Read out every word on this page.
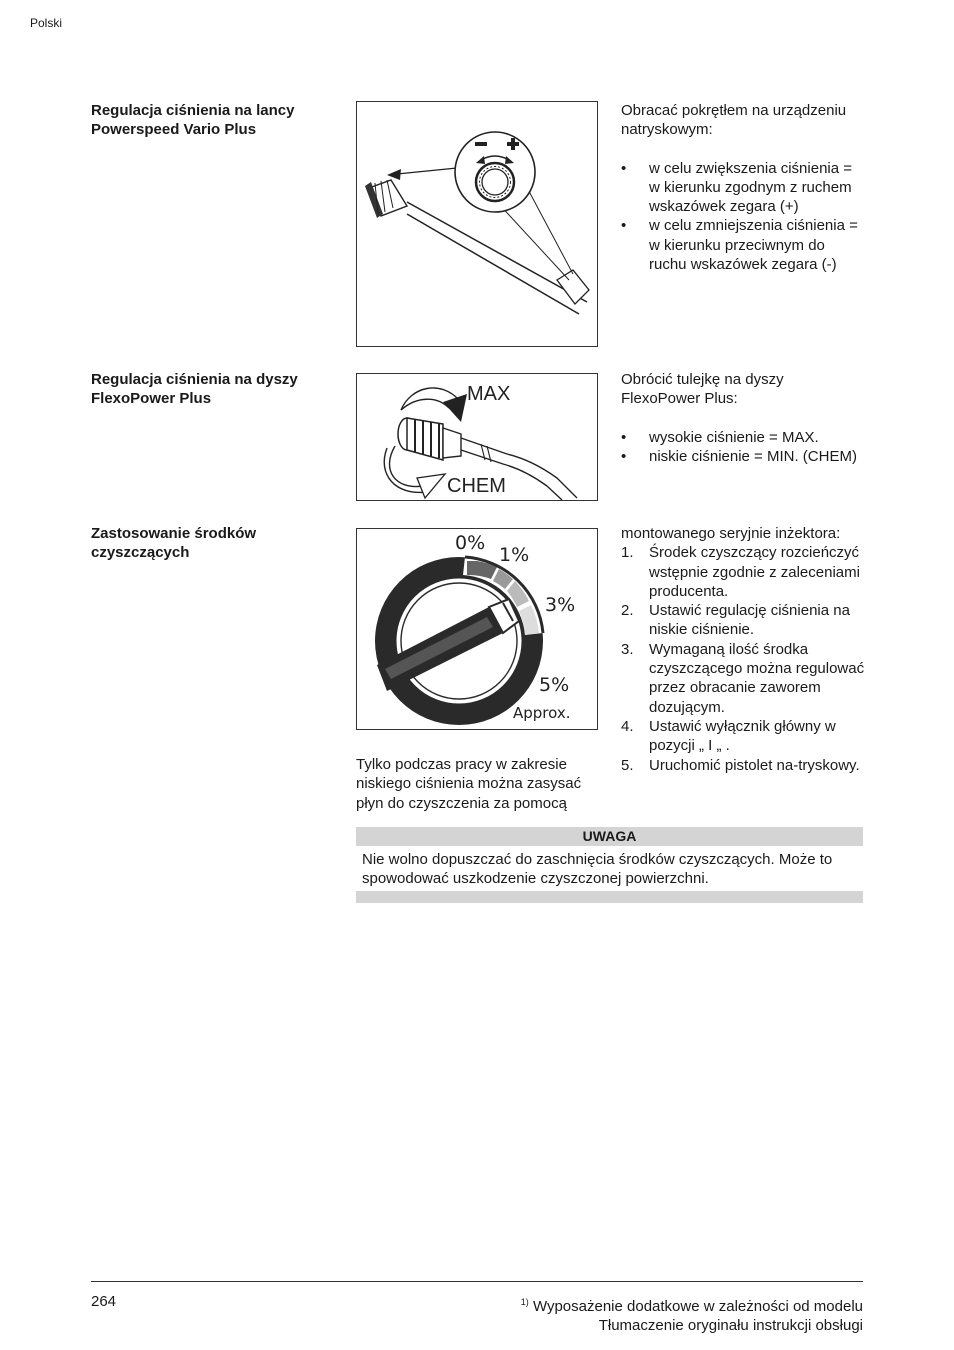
Polski
Regulacja ciśnienia na lancy Powerspeed Vario Plus

Obracać pokrętłem na urządzeniu natryskowym:

• w celu zwiększenia ciśnienia = w kierunku zgodnym z ruchem wskazówek zegara (+)
• w celu zmniejszenia ciśnienia = w kierunku przeciwnym do ruchu wskazówek zegara (-)
Regulacja ciśnienia na dyszy FlexoPower Plus	MAX
CHEM

Obrócić tulejkę na dyszy FlexoPower Plus:

• wysokie ciśnienie = MAX.
• niskie ciśnienie = MIN. (CHEM)
Zastosowanie środków czyszczących	0%
1%
3%
5%
Approx.
Tylko podczas pracy w zakresie niskiego ciśnienia można zasysać płyn do czyszczenia za pomocą

montowanego seryjnie inżektora:

1. Środek czyszczący rozcieńczyć wstępnie zgodnie z zaleceniami producenta.
2. Ustawić regulację ciśnienia na niskie ciśnienie.
3. Wymaganą ilość środka czyszczącego można regulować przez obracanie zaworem dozującym.
4. Ustawić wyłącznik główny w pozycji „ I „ .
5. Uruchomić pistolet na-tryskowy.
UWAGA
Nie wolno dopuszczać do zaschnięcia środków czyszczących. Może to spowodować uszkodzenie czyszczonej powierzchni.
264	$^{1)}$ Wyposażenie dodatkowe w zależności od modelu
Tłumaczenie oryginału instrukcji obsługi
